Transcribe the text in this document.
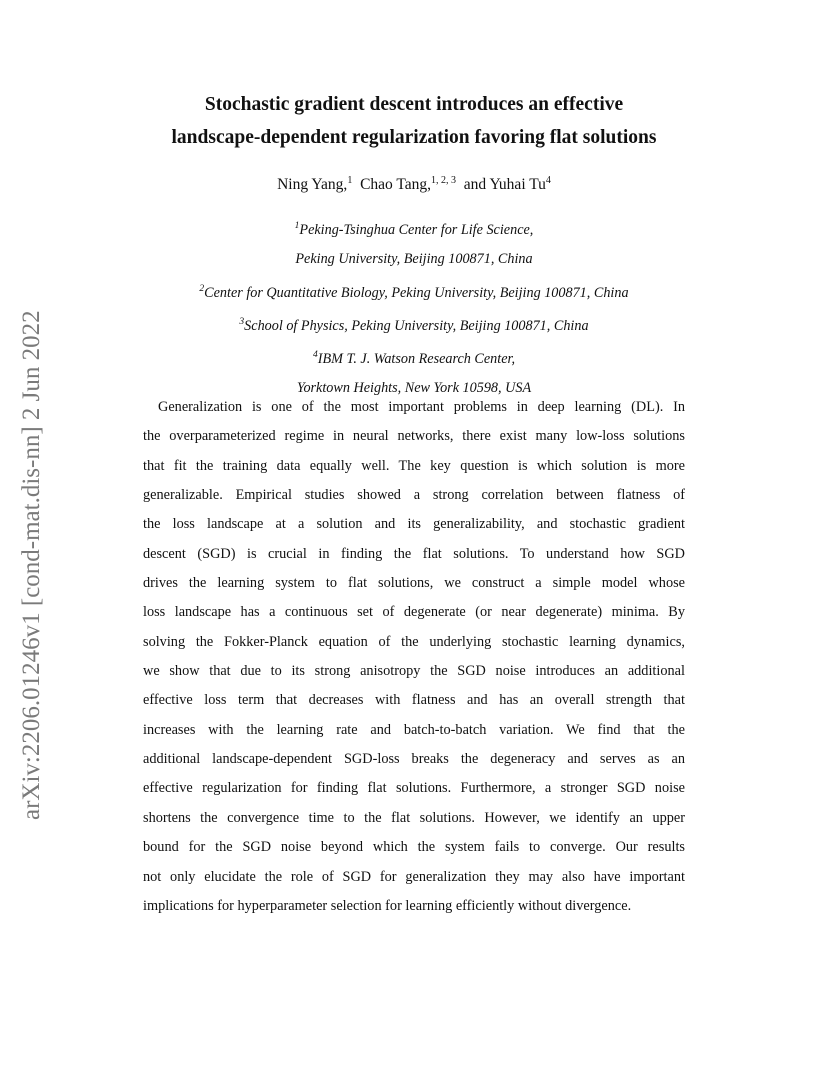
arXiv:2206.01246v1 [cond-mat.dis-nn] 2 Jun 2022
Stochastic gradient descent introduces an effective
landscape-dependent regularization favoring flat solutions
Ning Yang,$^1$ Chao Tang,$^{1, 2, 3}$ and Yuhai Tu$^4$
$^1$Peking-Tsinghua Center for Life Science,
Peking University, Beijing 100871, China
$^2$Center for Quantitative Biology, Peking University, Beijing 100871, China
$^3$School of Physics, Peking University, Beijing 100871, China
$^4$IBM T. J. Watson Research Center,
Yorktown Heights, New York 10598, USA
Generalization is one of the most important problems in deep learning (DL). In
the overparameterized regime in neural networks, there exist many low-loss solutions
that fit the training data equally well. The key question is which solution is more
generalizable. Empirical studies showed a strong correlation between flatness of
the loss landscape at a solution and its generalizability, and stochastic gradient
descent (SGD) is crucial in finding the flat solutions. To understand how SGD
drives the learning system to flat solutions, we construct a simple model whose
loss landscape has a continuous set of degenerate (or near degenerate) minima. By
solving the Fokker-Planck equation of the underlying stochastic learning dynamics,
we show that due to its strong anisotropy the SGD noise introduces an additional
effective loss term that decreases with flatness and has an overall strength that
increases with the learning rate and batch-to-batch variation. We find that the
additional landscape-dependent SGD-loss breaks the degeneracy and serves as an
effective regularization for finding flat solutions. Furthermore, a stronger SGD noise
shortens the convergence time to the flat solutions. However, we identify an upper
bound for the SGD noise beyond which the system fails to converge. Our results
not only elucidate the role of SGD for generalization they may also have important
implications for hyperparameter selection for learning efficiently without divergence.
